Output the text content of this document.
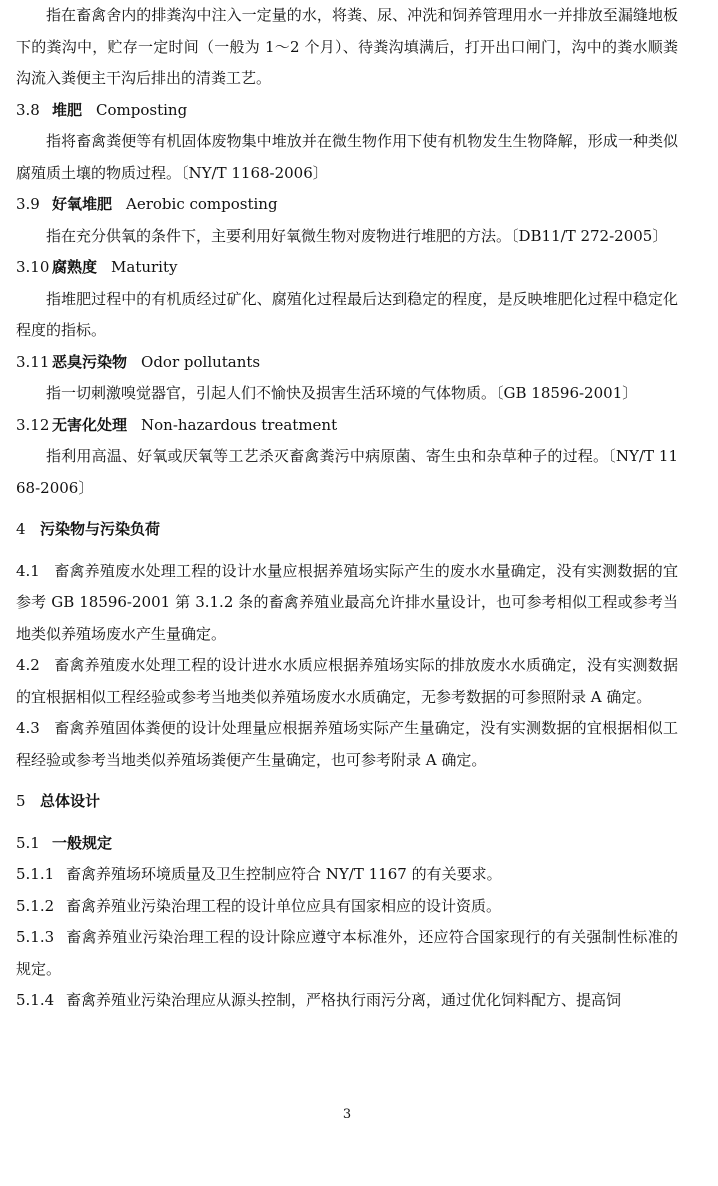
指在畜禽舍内的排粪沟中注入一定量的水，将粪、尿、冲洗和饲养管理用水一并排放至漏缝地板下的粪沟中，贮存一定时间（一般为 1～2 个月）、待粪沟填满后，打开出口闸门，沟中的粪水顺粪沟流入粪便主干沟后排出的清粪工艺。
3.8 堆肥 Composting
指将畜禽粪便等有机固体废物集中堆放并在微生物作用下使有机物发生生物降解，形成一种类似腐殖质土壤的物质过程。〔NY/T 1168-2006〕
3.9 好氧堆肥 Aerobic composting
指在充分供氧的条件下，主要利用好氧微生物对废物进行堆肥的方法。〔DB11/T 272-2005〕
3.10 腐熟度 Maturity
指堆肥过程中的有机质经过矿化、腐殖化过程最后达到稳定的程度，是反映堆肥化过程中稳定化程度的指标。
3.11 恶臭污染物 Odor pollutants
指一切刺激嗅觉器官，引起人们不愉快及损害生活环境的气体物质。〔GB 18596-2001〕
3.12 无害化处理 Non-hazardous treatment
指利用高温、好氧或厌氧等工艺杀灭畜禽粪污中病原菌、寄生虫和杂草种子的过程。〔NY/T 1168-2006〕
4 污染物与污染负荷
4.1 畜禽养殖废水处理工程的设计水量应根据养殖场实际产生的废水水量确定，没有实测数据的宜参考 GB 18596-2001 第 3.1.2 条的畜禽养殖业最高允许排水量设计，也可参考相似工程或参考当地类似养殖场废水产生量确定。
4.2 畜禽养殖废水处理工程的设计进水水质应根据养殖场实际的排放废水水质确定，没有实测数据的宜根据相似工程经验或参考当地类似养殖场废水水质确定，无参考数据的可参照附录 A 确定。
4.3 畜禽养殖固体粪便的设计处理量应根据养殖场实际产生量确定，没有实测数据的宜根据相似工程经验或参考当地类似养殖场粪便产生量确定，也可参考附录 A 确定。
5 总体设计
5.1 一般规定
5.1.1 畜禽养殖场环境质量及卫生控制应符合 NY/T 1167 的有关要求。
5.1.2 畜禽养殖业污染治理工程的设计单位应具有国家相应的设计资质。
5.1.3 畜禽养殖业污染治理工程的设计除应遵守本标准外，还应符合国家现行的有关强制性标准的规定。
5.1.4 畜禽养殖业污染治理应从源头控制，严格执行雨污分离，通过优化饲料配方、提高饲
3
